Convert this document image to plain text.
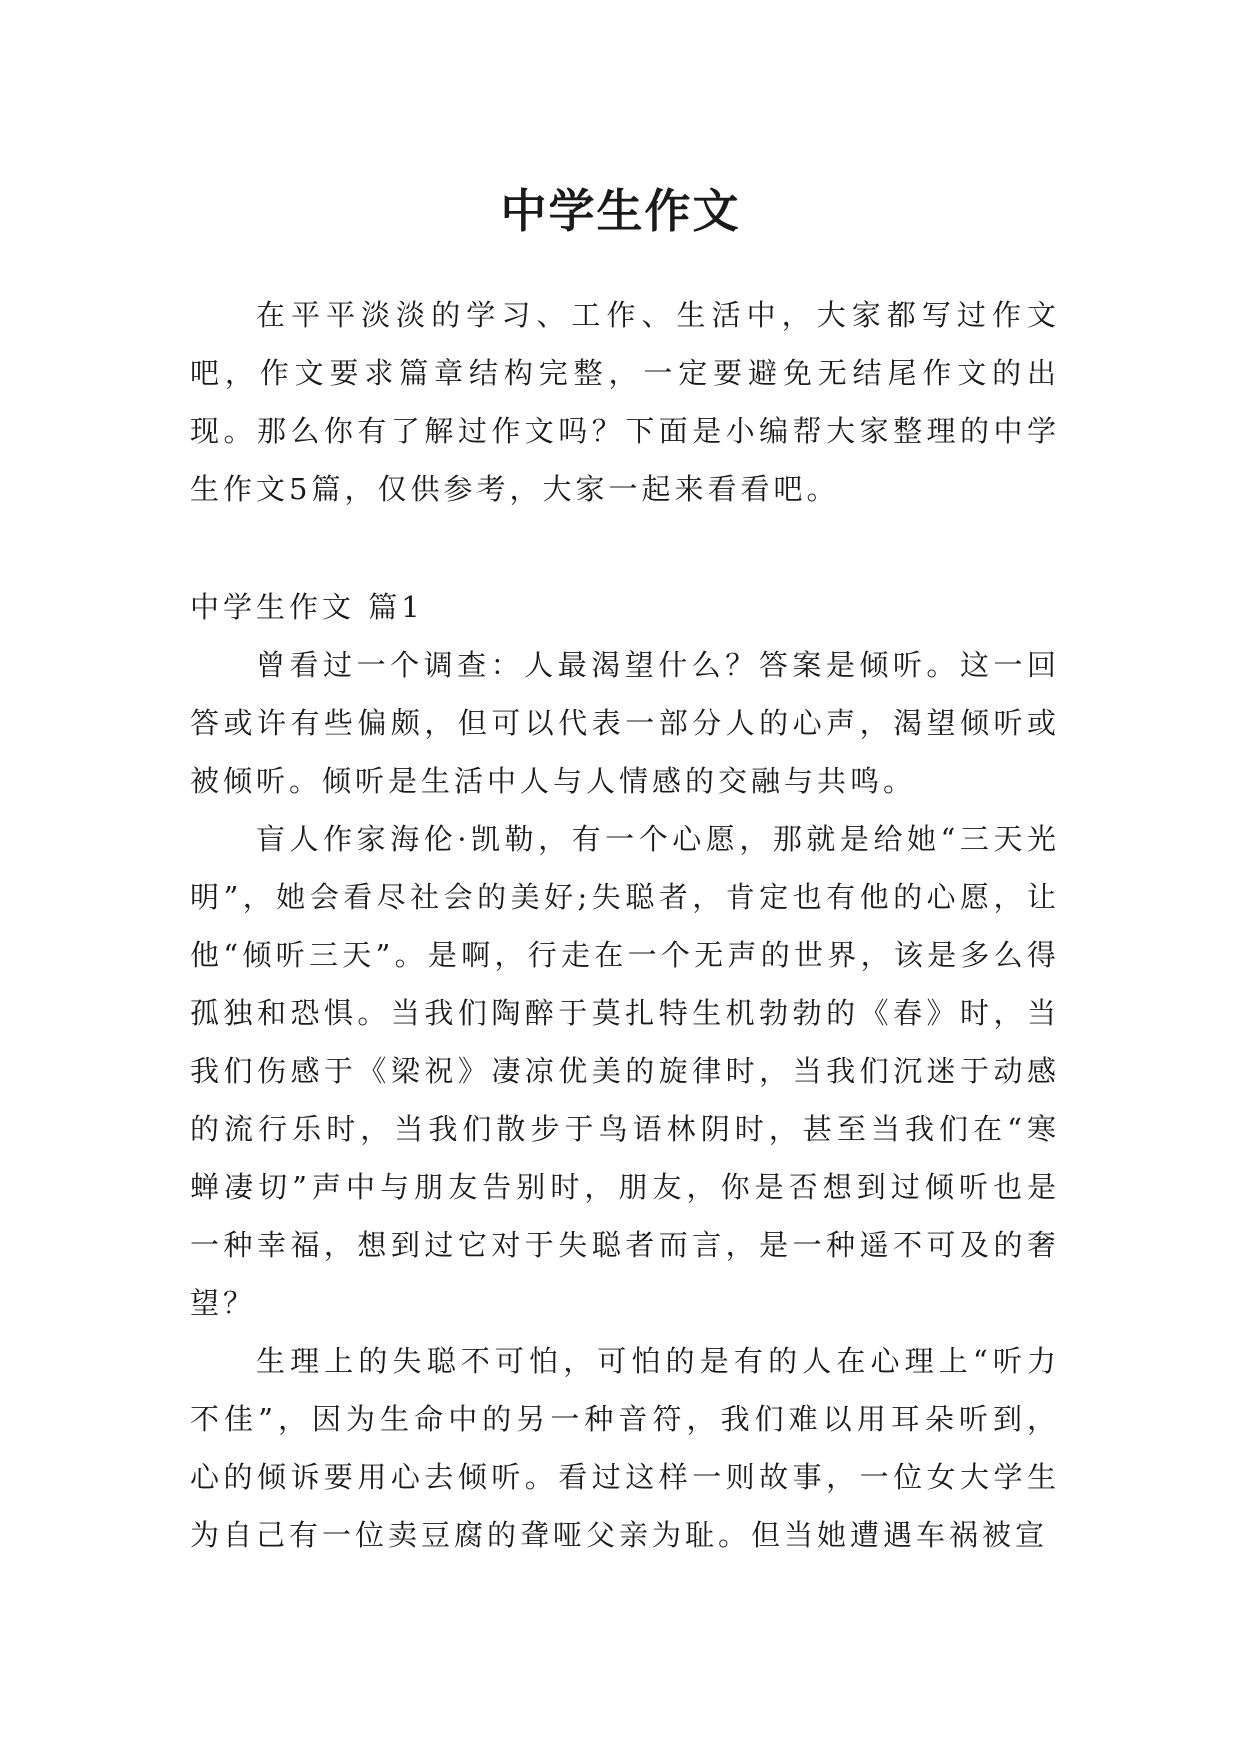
中学生作文

在平平淡淡的学习、工作、生活中，大家都写过作文吧，作文要求篇章结构完整，一定要避免无结尾作文的出现。那么你有了解过作文吗？下面是小编帮大家整理的中学生作文5篇，仅供参考，大家一起来看看吧。

中学生作文 篇1

曾看过一个调查：人最渴望什么？答案是倾听。这一回答或许有些偏颇，但可以代表一部分人的心声，渴望倾听或被倾听。倾听是生活中人与人情感的交融与共鸣。

盲人作家海伦·凯勒，有一个心愿，那就是给她“三天光明”，她会看尽社会的美好;失聪者，肯定也有他的心愿，让他“倾听三天”。是啊，行走在一个无声的世界，该是多么得孤独和恐惧。当我们陶醉于莫扎特生机勃勃的《春》时，当我们伤感于《梁祝》凄凉优美的旋律时，当我们沉迷于动感的流行乐时，当我们散步于鸟语林阴时，甚至当我们在“寒蝉凄切”声中与朋友告别时，朋友，你是否想到过倾听也是一种幸福，想到过它对于失聪者而言，是一种遥不可及的奢望？

生理上的失聪不可怕，可怕的是有的人在心理上“听力不佳”，因为生命中的另一种音符，我们难以用耳朵听到，心的倾诉要用心去倾听。看过这样一则故事，一位女大学生为自己有一位卖豆腐的聋哑父亲为耻。但当她遭遇车祸被宣
